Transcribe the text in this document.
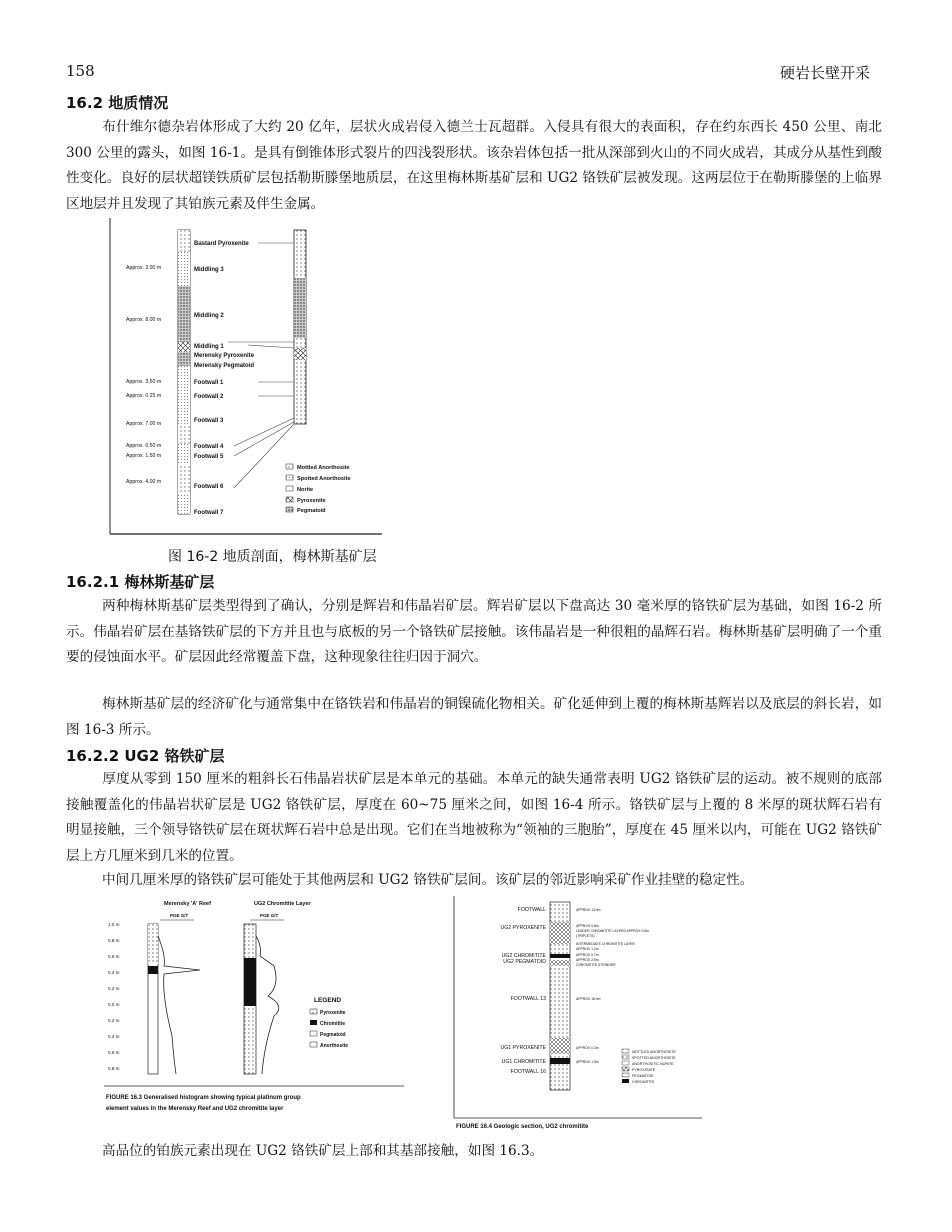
158	硬岩长壁开采
16.2 地质情况
布什维尔德杂岩体形成了大约 20 亿年，层状火成岩侵入德兰士瓦超群。入侵具有很大的表面积，存在约东西长 450 公里、南北 300 公里的露头，如图 16-1。是具有倒锥体形式裂片的四浅裂形状。该杂岩体包括一批从深部到火山的不同火成岩，其成分从基性到酸性变化。良好的层状超镁铁质矿层包括勒斯滕堡地质层，在这里梅林斯基矿层和 UG2 铬铁矿层被发现。这两层位于在勒斯滕堡的上临界区地层并且发现了其铂族元素及伴生金属。
Approx. 3.00 m
Approx. 8.00 m
Approx. 3.50 m
Approx. 0.25 m
Approx. 7.00 m
Approx. 0.50 m
Approx. 1.50 m
Approx. 4.00 m
Bastard Pyroxenite
Middling 3
Middling 2
Middling 1
Merensky Pyroxenite
Merensky Pegmatoid
Footwall 1
Footwall 2
Footwall 3
Footwall 4
Footwall 5
Footwall 6
Footwall 7
Mottled Anorthosite
Spotted Anorthosite
Norite
Pyroxenite
Pegmatoid
图 16-2 地质剖面，梅林斯基矿层
16.2.1 梅林斯基矿层
两种梅林斯基矿层类型得到了确认，分别是辉岩和伟晶岩矿层。辉岩矿层以下盘高达 30 毫米厚的铬铁矿层为基础，如图 16-2 所示。伟晶岩矿层在基铬铁矿层的下方并且也与底板的另一个铬铁矿层接触。该伟晶岩是一种很粗的晶辉石岩。梅林斯基矿层明确了一个重要的侵蚀面水平。矿层因此经常覆盖下盘，这种现象往往归因于洞穴。
梅林斯基矿层的经济矿化与通常集中在铬铁岩和伟晶岩的铜镍硫化物相关。矿化延伸到上覆的梅林斯基辉岩以及底层的斜长岩，如图 16-3 所示。
16.2.2 UG2 铬铁矿层
厚度从零到 150 厘米的粗斜长石伟晶岩状矿层是本单元的基础。本单元的缺失通常表明 UG2 铬铁矿层的运动。被不规则的底部接触覆盖化的伟晶岩状矿层是 UG2 铬铁矿层，厚度在 60~75 厘米之间，如图 16-4 所示。铬铁矿层与上覆的 8 米厚的斑状辉石岩有明显接触，三个领导铬铁矿层在斑状辉石岩中总是出现。它们在当地被称为“领袖的三胞胎”，厚度在 45 厘米以内，可能在 UG2 铬铁矿层上方几厘米到几米的位置。
中间几厘米厚的铬铁矿层可能处于其他两层和 UG2 铬铁矿层间。该矿层的邻近影响采矿作业挂壁的稳定性。
Merensky 'A' Reef	UG2 Chromitite Layer
PGE G/T	PGE G/T
1.0 m
0.8 m
0.6 m
0.4 m
0.2 m
0.0 m
0.2 m
0.4 m
0.6 m
0.8 m
LEGEND
Pyroxenite
Chromitite
Pegmatoid
Anorthosite
FIGURE 16.3 Generalised histogram showing typical platinum group
element values in the Merensky Reef and UG2 chromitite layer
FOOTWALL
UG2 PYROXENITE
UG2 CHROMITITE
UG2 PEGMATOID
FOOTWALL 13
UG1 PYROXENITE
UG1 CHROMITITE
FOOTWALL 16
APPROX 13.0m
APPROX 0.8m
LEADER CHROMITITE LAYERS APPROX 0.8m
(TRIPLETS)
INTERMEDIATE CHROMITITE LAYER
APPROX 1.2m
APPROX 0.7m
APPROX 2.5m
CHROMITITE STRINGER
APPROX 18.0m
APPROX 0.3m
APPROX 1.5m
MOTTLED ANORTHOSITE
SPOTTED ANORTHOSITE
ANORTHOSITIC NORITE
PYROXENITE
PEGMATOID
CHROMITITE
FIGURE 16.4 Geologic section, UG2 chromitite
高品位的铂族元素出现在 UG2 铬铁矿层上部和其基部接触，如图 16.3。
